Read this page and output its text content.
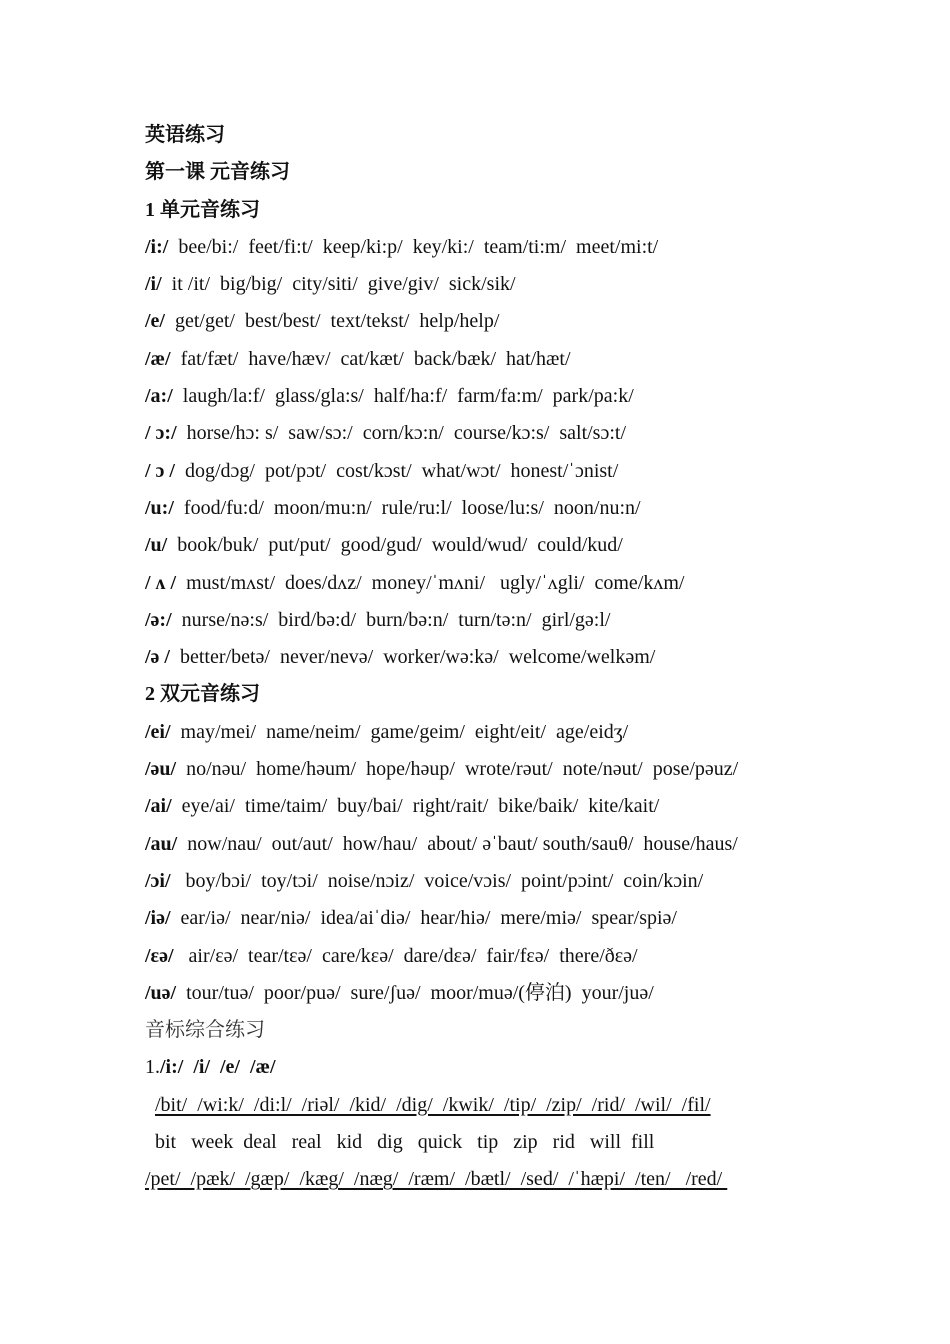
英语练习
第一课 元音练习
1 单元音练习
/i:/  bee/bi:/  feet/fi:t/  keep/ki:p/  key/ki:/  team/ti:m/  meet/mi:t/
/i/  it /it/  big/big/  city/siti/  give/giv/  sick/sik/
/e/  get/get/  best/best/  text/tekst/  help/help/
/æ/  fat/fæt/  have/hæv/  cat/kæt/  back/bæk/  hat/hæt/
/a:/  laugh/la:f/  glass/gla:s/  half/ha:f/  farm/fa:m/  park/pa:k/
/ ɔ:/  horse/hɔ: s/  saw/sɔ:/  corn/kɔ:n/  course/kɔ:s/  salt/sɔ:t/
/ ɔ /  dog/dɔg/  pot/pɔt/  cost/kɔst/  what/wɔt/  honest/ˈɔnist/
/u:/  food/fu:d/  moon/mu:n/  rule/ru:l/  loose/lu:s/  noon/nu:n/
/u/  book/buk/  put/put/  good/gud/  would/wud/  could/kud/
/ ʌ /  must/mʌst/  does/dʌz/  money/ˈmʌni/   ugly/ˈʌgli/  come/kʌm/
/ə:/  nurse/nə:s/  bird/bə:d/  burn/bə:n/  turn/tə:n/  girl/gə:l/
/ə /  better/betə/  never/nevə/  worker/wə:kə/  welcome/welkəm/
2 双元音练习
/ei/  may/mei/  name/neim/  game/geim/  eight/eit/  age/eidʒ/
/əu/  no/nəu/  home/həum/  hope/həup/  wrote/rəut/  note/nəut/  pose/pəuz/
/ai/  eye/ai/  time/taim/  buy/bai/  right/rait/  bike/baik/  kite/kait/
/au/  now/nau/  out/aut/  how/hau/  about/ əˈbaut/ south/sauθ/  house/haus/
/ɔi/   boy/bɔi/  toy/tɔi/  noise/nɔiz/  voice/vɔis/  point/pɔint/  coin/kɔin/
/iə/  ear/iə/  near/niə/  idea/aiˈdiə/  hear/hiə/  mere/miə/  spear/spiə/
/εə/   air/εə/  tear/tεə/  care/kεə/  dare/dεə/  fair/fεə/  there/ðεə/
/uə/  tour/tuə/  poor/puə/  sure/ʃuə/  moor/muə/(停泊)  your/juə/
音标综合练习
1./i:/  /i/  /e/  /æ/
/bit/  /wi:k/  /di:l/  /riəl/  /kid/  /dig/  /kwik/  /tip/  /zip/  /rid/  /wil/  /fil/
bit   week  deal   real   kid   dig   quick   tip   zip   rid   will  fill
/pet/  /pæk/  /gæp/  /kæg/  /næg/  /ræm/  /bætl/  /sed/  /ˈhæpi/  /ten/   /red/
